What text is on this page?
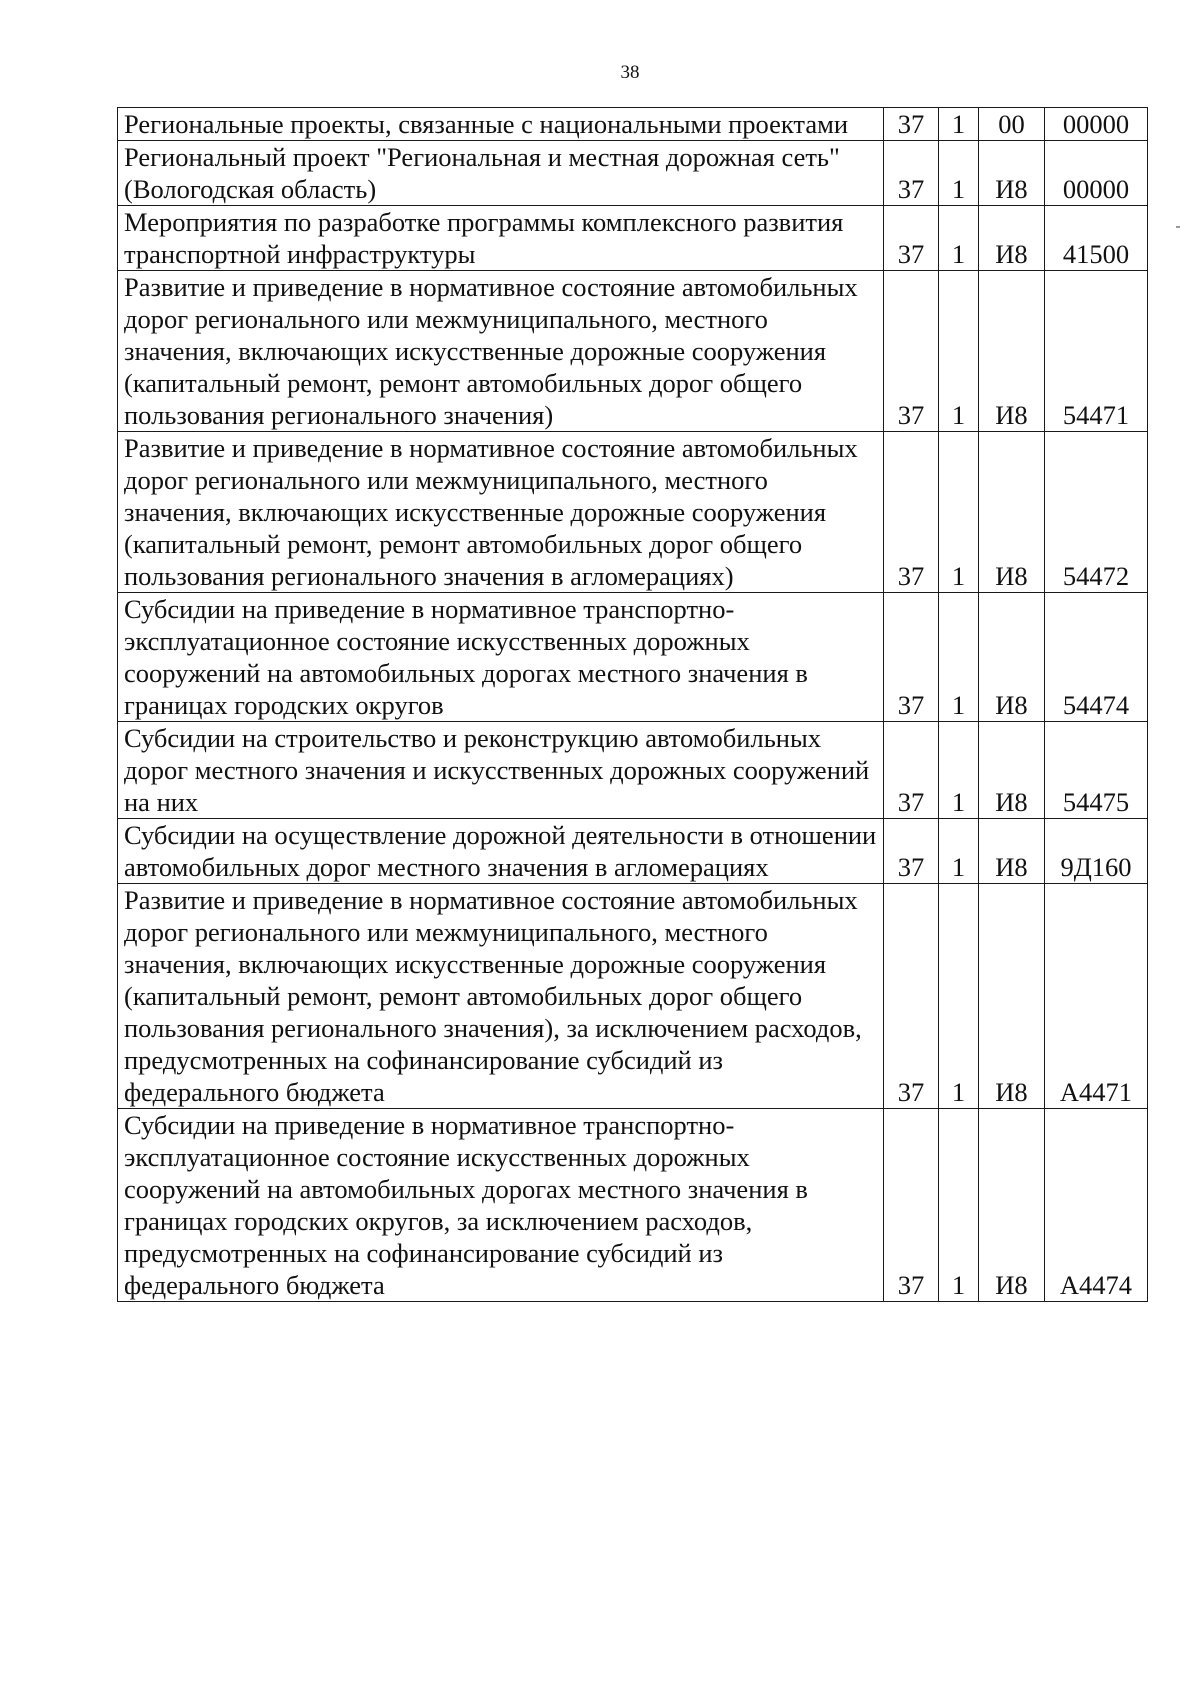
38
Региональные проекты, связанные с национальными проектами	37	1	00	00000
Региональный проект "Региональная и местная дорожная сеть" (Вологодская область)	37	1	И8	00000
Мероприятия по разработке программы комплексного развития транспортной инфраструктуры	37	1	И8	41500
Развитие и приведение в нормативное состояние автомобильных дорог регионального или межмуниципального, местного значения, включающих искусственные дорожные сооружения (капитальный ремонт, ремонт автомобильных дорог общего пользования регионального значения)	37	1	И8	54471
Развитие и приведение в нормативное состояние автомобильных дорог регионального или межмуниципального, местного значения, включающих искусственные дорожные сооружения (капитальный ремонт, ремонт автомобильных дорог общего пользования регионального значения в агломерациях)	37	1	И8	54472
Субсидии на приведение в нормативное транспортно-эксплуатационное состояние искусственных дорожных сооружений на автомобильных дорогах местного значения в границах городских округов	37	1	И8	54474
Субсидии на строительство и реконструкцию автомобильных дорог местного значения и искусственных дорожных сооружений на них	37	1	И8	54475
Субсидии на осуществление дорожной деятельности в отношении автомобильных дорог местного значения в агломерациях	37	1	И8	9Д160
Развитие и приведение в нормативное состояние автомобильных дорог регионального или межмуниципального, местного значения, включающих искусственные дорожные сооружения (капитальный ремонт, ремонт автомобильных дорог общего пользования регионального значения), за исключением расходов, предусмотренных на софинансирование субсидий из федерального бюджета	37	1	И8	А4471
Субсидии на приведение в нормативное транспортно-эксплуатационное состояние искусственных дорожных сооружений на автомобильных дорогах местного значения в границах городских округов, за исключением расходов, предусмотренных на софинансирование субсидий из федерального бюджета	37	1	И8	А4474
